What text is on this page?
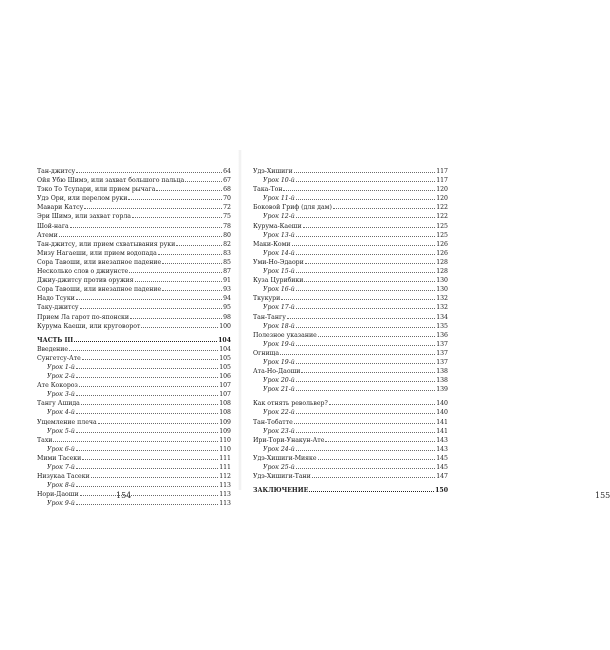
Тан-джитсу	64
Ойя Убю Шимэ, или захват большого пальца	67
Тэко То Тсупари, или прием рычага	68
Удэ Ори, или перелом руки	70
Мавари Катсу	72
Эри Шимэ, или захват горла	75
Шой-нага	78
Атеми	80
Тан-джитсу, или прием схватывания руки	82
Мизу Нагаеши, или прием водопада	83
Сора Тавоши, или внезапное падение	85
Несколько слов о джиунсте	87
Джиу-джитсу против оружия	91
Сора Тавоши, или внезапное падение	93
Надо Тсуки	94
Таку-джитсу	95
Прием Ла гарот по-японски	98
Курума Каеши, или круговорот	100
ЧАСТЬ III	104
Введение	104
Сунгетсу-Ате	105
Урок 1-й	105
Урок 2-й	106
Ате Кокороз	107
Урок 3-й	107
Тангу Ашида	108
Урок 4-й	108
Ущемление плеча	109
Урок 5-й	109
Тахи	110
Урок 6-й	110
Мими Тасеки	111
Урок 7-й	111
Низукаа Тасеки	112
Урок 8-й	113
Нори-Даоши	113
Урок 9-й	113
154
Удэ-Хишиги	117
Урок 10-й	117
Така-Тон	120
Урок 11-й	120
Боковой Гриф (для дам)	122
Урок 12-й	122
Курума-Каеши	125
Урок 13-й	125
Маки-Коми	126
Урок 14-й	126
Уми-Но-Эдаори	128
Урок 15-й	128
Куза Цурибики	130
Урок 16-й	130
Ткукури	132
Урок 17-й	132
Тан-Тангу	134
Урок 18-й	135
Полезное указание	136
Урок 19-й	137
Огнища	137
Урок 19-й	137
Ата-Но-Даоши	138
Урок 20-й	138
Урок 21-й	139
Как отнять револьвер?	140
Урок 22-й	140
Тан-Тобатте	141
Урок 23-й	141
Ири-Тори-Унакун-Ате	143
Урок 24-й	143
Удэ-Хишиги-Мияке	145
Урок 25-й	145
Удэ-Хишиги-Тани	147
ЗАКЛЮЧЕНИЕ	150
155
